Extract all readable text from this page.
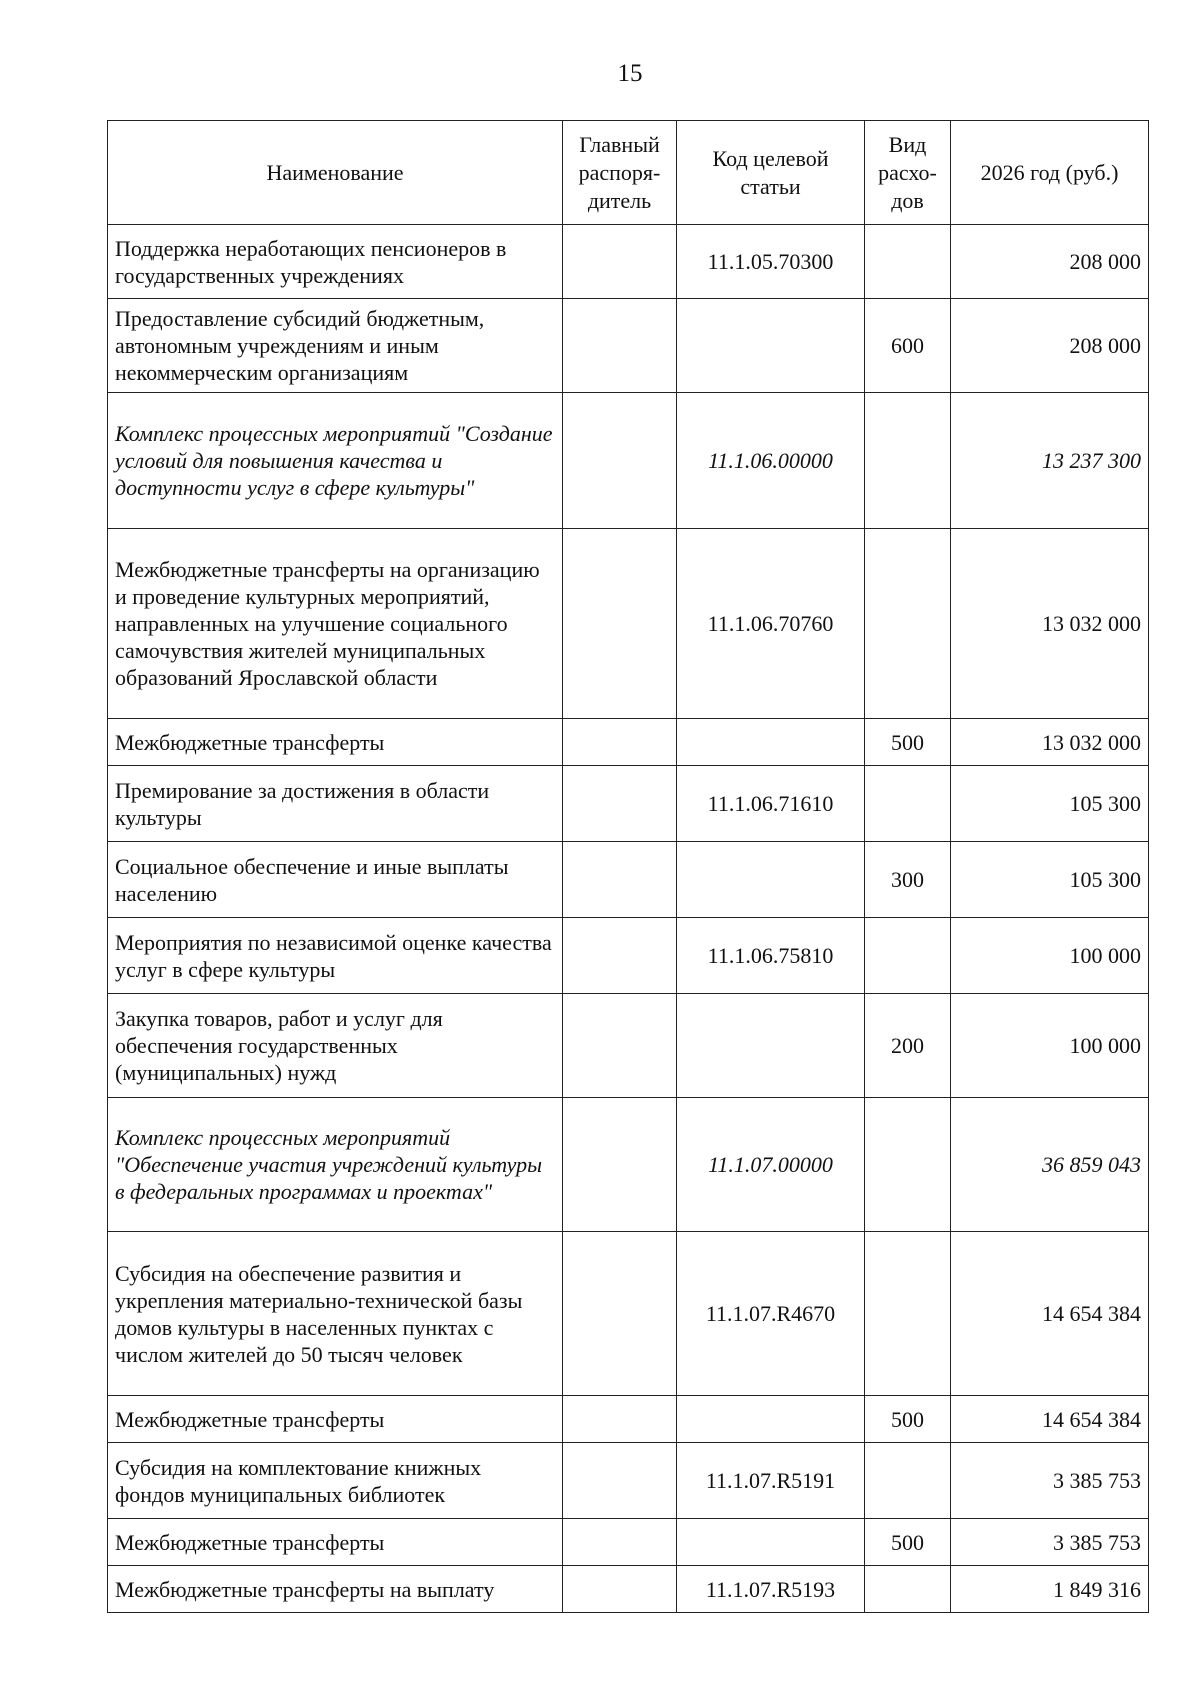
15
Наименование	Главный распоря-дитель	Код целевой статьи	Вид расхо-дов	2026 год (руб.)
Поддержка неработающих пенсионеров в государственных учреждениях		11.1.05.70300		208 000
Предоставление субсидий бюджетным, автономным учреждениям и иным некоммерческим организациям			600	208 000
Комплекс процессных мероприятий "Создание условий для повышения качества и доступности услуг в сфере культуры"		11.1.06.00000		13 237 300
Межбюджетные трансферты на организацию и проведение культурных мероприятий, направленных на улучшение социального самочувствия жителей муниципальных образований Ярославской области		11.1.06.70760		13 032 000
Межбюджетные трансферты			500	13 032 000
Премирование за достижения в области культуры		11.1.06.71610		105 300
Социальное обеспечение и иные выплаты населению			300	105 300
Мероприятия по независимой оценке качества услуг в сфере культуры		11.1.06.75810		100 000
Закупка товаров, работ и услуг для обеспечения государственных (муниципальных) нужд			200	100 000
Комплекс процессных мероприятий "Обеспечение участия учреждений культуры в федеральных программах и проектах"		11.1.07.00000		36 859 043
Субсидия на обеспечение развития и укрепления материально-технической базы домов культуры в населенных пунктах с числом жителей до 50 тысяч человек		11.1.07.R4670		14 654 384
Межбюджетные трансферты			500	14 654 384
Субсидия на комплектование книжных фондов муниципальных библиотек		11.1.07.R5191		3 385 753
Межбюджетные трансферты			500	3 385 753
Межбюджетные трансферты на выплату		11.1.07.R5193		1 849 316
